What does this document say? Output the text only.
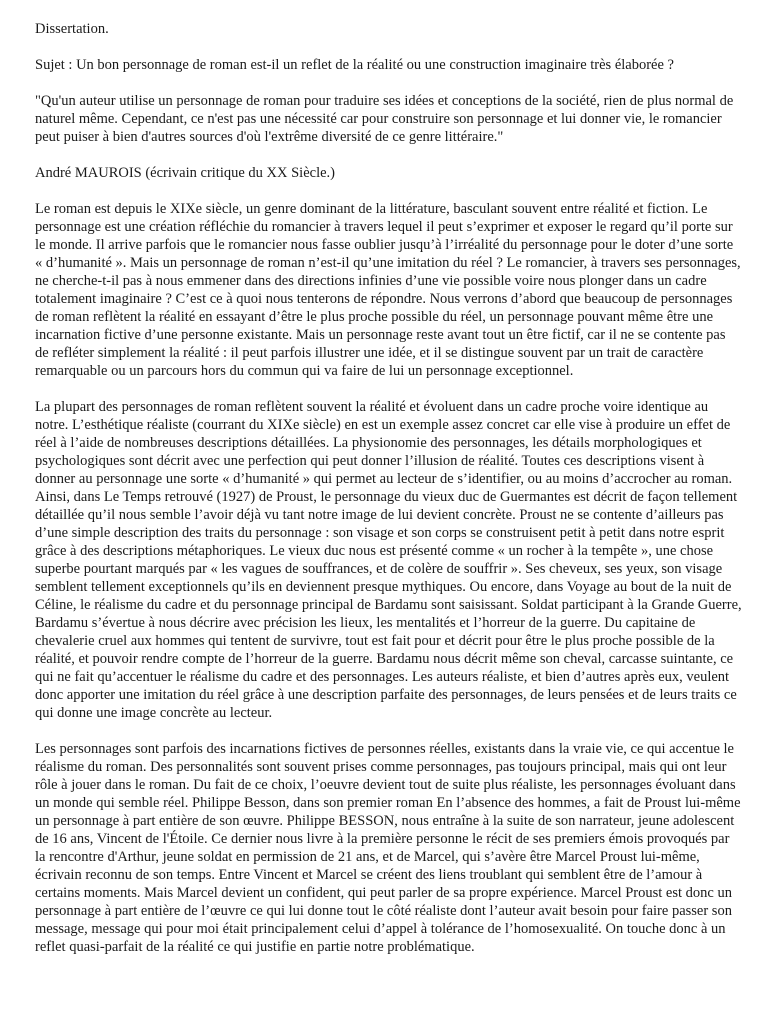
Dissertation.

Sujet : Un bon personnage de roman est-il un reflet de la réalité ou une construction imaginaire très élaborée ?

"Qu'un auteur utilise un personnage de roman pour traduire ses idées et conceptions de la société, rien de plus normal de naturel même. Cependant, ce n'est pas une nécessité car pour construire son personnage et lui donner vie, le romancier peut puiser à bien d'autres sources d'où l'extrême diversité de ce genre littéraire."

André MAUROIS (écrivain critique du XX Siècle.)

Le roman est depuis le XIXe siècle, un genre dominant de la littérature, basculant souvent entre réalité et fiction. Le personnage est une création réfléchie du romancier à travers lequel il peut s’exprimer et exposer le regard qu’il porte sur le monde. Il arrive parfois que le romancier nous fasse oublier jusqu’à l’irréalité du personnage pour le doter d’une sorte « d’humanité ». Mais un personnage de roman n’est-il qu’une imitation du réel ? Le romancier, à travers ses personnages, ne cherche-t-il pas à nous emmener dans des directions infinies d’une vie possible voire nous plonger dans un cadre totalement imaginaire ? C’est ce à quoi nous tenterons de répondre. Nous verrons d’abord que beaucoup de personnages de roman reflètent la réalité en essayant d’être le plus proche possible du réel, un personnage pouvant même être une incarnation fictive d’une personne existante. Mais un personnage reste avant tout un être fictif, car il ne se contente pas de refléter simplement la réalité : il peut parfois illustrer une idée, et il se distingue souvent par un trait de caractère remarquable ou un parcours hors du commun qui va faire de lui un personnage exceptionnel.

La plupart des personnages de roman reflètent souvent la réalité et évoluent dans un cadre proche voire identique au notre. L’esthétique réaliste (courrant du XIXe siècle) en est un exemple assez concret car elle vise à produire un effet de réel à l’aide de nombreuses descriptions détaillées. La physionomie des personnages, les détails morphologiques et psychologiques sont décrit avec une perfection qui peut donner l’illusion de réalité. Toutes ces descriptions visent à donner au personnage une sorte « d’humanité » qui permet au lecteur de s’identifier, ou au moins d’accrocher au roman. Ainsi, dans Le Temps retrouvé (1927) de Proust, le personnage du vieux duc de Guermantes est décrit de façon tellement détaillée qu’il nous semble l’avoir déjà vu tant notre image de lui devient concrète. Proust ne se contente d’ailleurs pas d’une simple description des traits du personnage : son visage et son corps se construisent petit à petit dans notre esprit grâce à des descriptions métaphoriques. Le vieux duc nous est présenté comme « un rocher à la tempête », une chose superbe pourtant marqués par « les vagues de souffrances, et de colère de souffrir ». Ses cheveux, ses yeux, son visage semblent tellement exceptionnels qu’ils en deviennent presque mythiques. Ou encore, dans Voyage au bout de la nuit de Céline, le réalisme du cadre et du personnage principal de Bardamu sont saisissant. Soldat participant à la Grande Guerre, Bardamu s’évertue à nous décrire avec précision les lieux, les mentalités et l’horreur de la guerre. Du capitaine de chevalerie cruel aux hommes qui tentent de survivre, tout est fait pour et décrit pour être le plus proche possible de la réalité, et pouvoir rendre compte de l’horreur de la guerre. Bardamu nous décrit même son cheval, carcasse suintante, ce qui ne fait qu’accentuer le réalisme du cadre et des personnages. Les auteurs réaliste, et bien d’autres après eux, veulent donc apporter une imitation du réel grâce à une description parfaite des personnages, de leurs pensées et de leurs traits ce qui donne une image concrète au lecteur.

Les personnages sont parfois des incarnations fictives de personnes réelles, existants dans la vraie vie, ce qui accentue le réalisme du roman. Des personnalités sont souvent prises comme personnages, pas toujours principal, mais qui ont leur rôle à jouer dans le roman. Du fait de ce choix, l’oeuvre devient tout de suite plus réaliste, les personnages évoluant dans un monde qui semble réel. Philippe Besson, dans son premier roman En l’absence des hommes, a fait de Proust lui-même un personnage à part entière de son œuvre. Philippe BESSON, nous entraîne à la suite de son narrateur, jeune adolescent de 16 ans, Vincent de l'Étoile. Ce dernier nous livre à la première personne le récit de ses premiers émois provoqués par la rencontre d'Arthur, jeune soldat en permission de 21 ans, et de Marcel, qui s’avère être Marcel Proust lui-même, écrivain reconnu de son temps. Entre Vincent et Marcel se créent des liens troublant qui semblent être de l’amour à certains moments. Mais Marcel devient un confident, qui peut parler de sa propre expérience. Marcel Proust est donc un personnage à part entière de l’œuvre ce qui lui donne tout le côté réaliste dont l’auteur avait besoin pour faire passer son message, message qui pour moi était principalement celui d’appel à tolérance de l’homosexualité. On touche donc à un reflet quasi-parfait de la réalité ce qui justifie en partie notre problématique.
